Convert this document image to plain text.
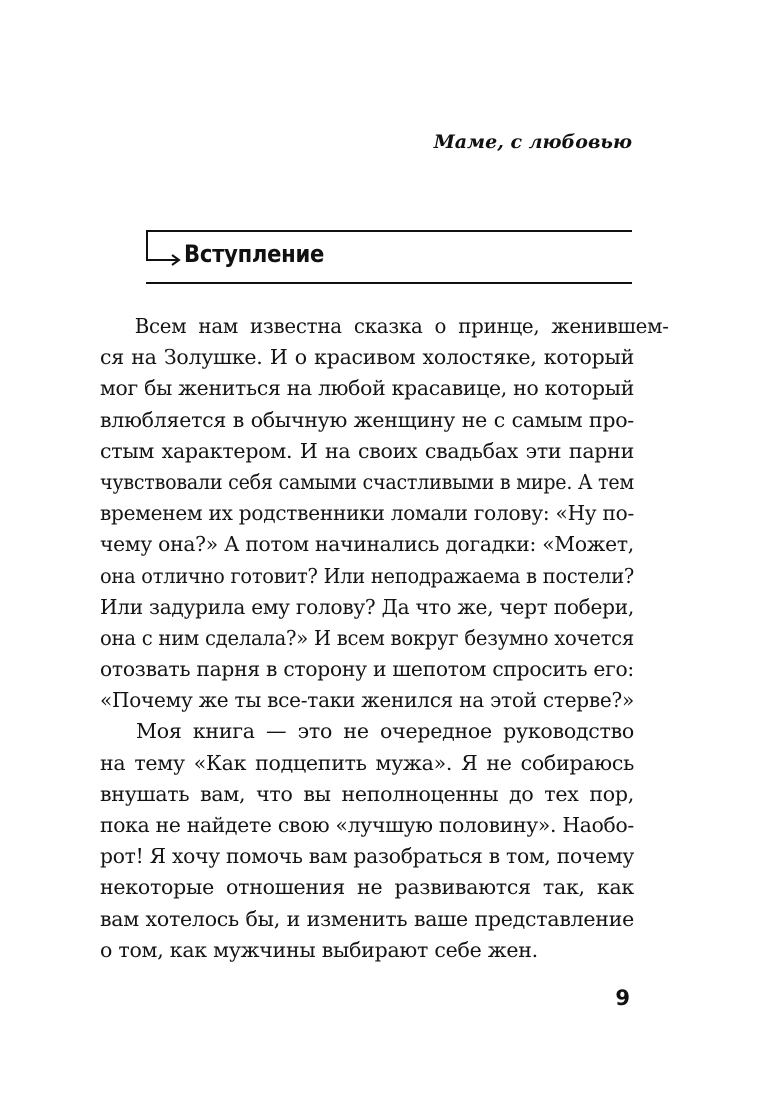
Маме, с любовью
Вступление
Всем нам известна сказка о принце, женившем-
ся на Золушке. И о красивом холостяке, который
мог бы жениться на любой красавице, но который
влюбляется в обычную женщину не с самым про-
стым характером. И на своих свадьбах эти парни
чувствовали себя самыми счастливыми в мире. А тем
временем их родственники ломали голову: «Ну по-
чему она?» А потом начинались догадки: «Может,
она отлично готовит? Или неподражаема в постели?
Или задурила ему голову? Да что же, черт побери,
она с ним сделала?» И всем вокруг безумно хочется
отозвать парня в сторону и шепотом спросить его:
«Почему же ты все-таки женился на этой стерве?»
Моя книга — это не очередное руководство
на тему «Как подцепить мужа». Я не собираюсь
внушать вам, что вы неполноценны до тех пор,
пока не найдете свою «лучшую половину». Наобо-
рот! Я хочу помочь вам разобраться в том, почему
некоторые отношения не развиваются так, как
вам хотелось бы, и изменить ваше представление
о том, как мужчины выбирают себе жен.
9
